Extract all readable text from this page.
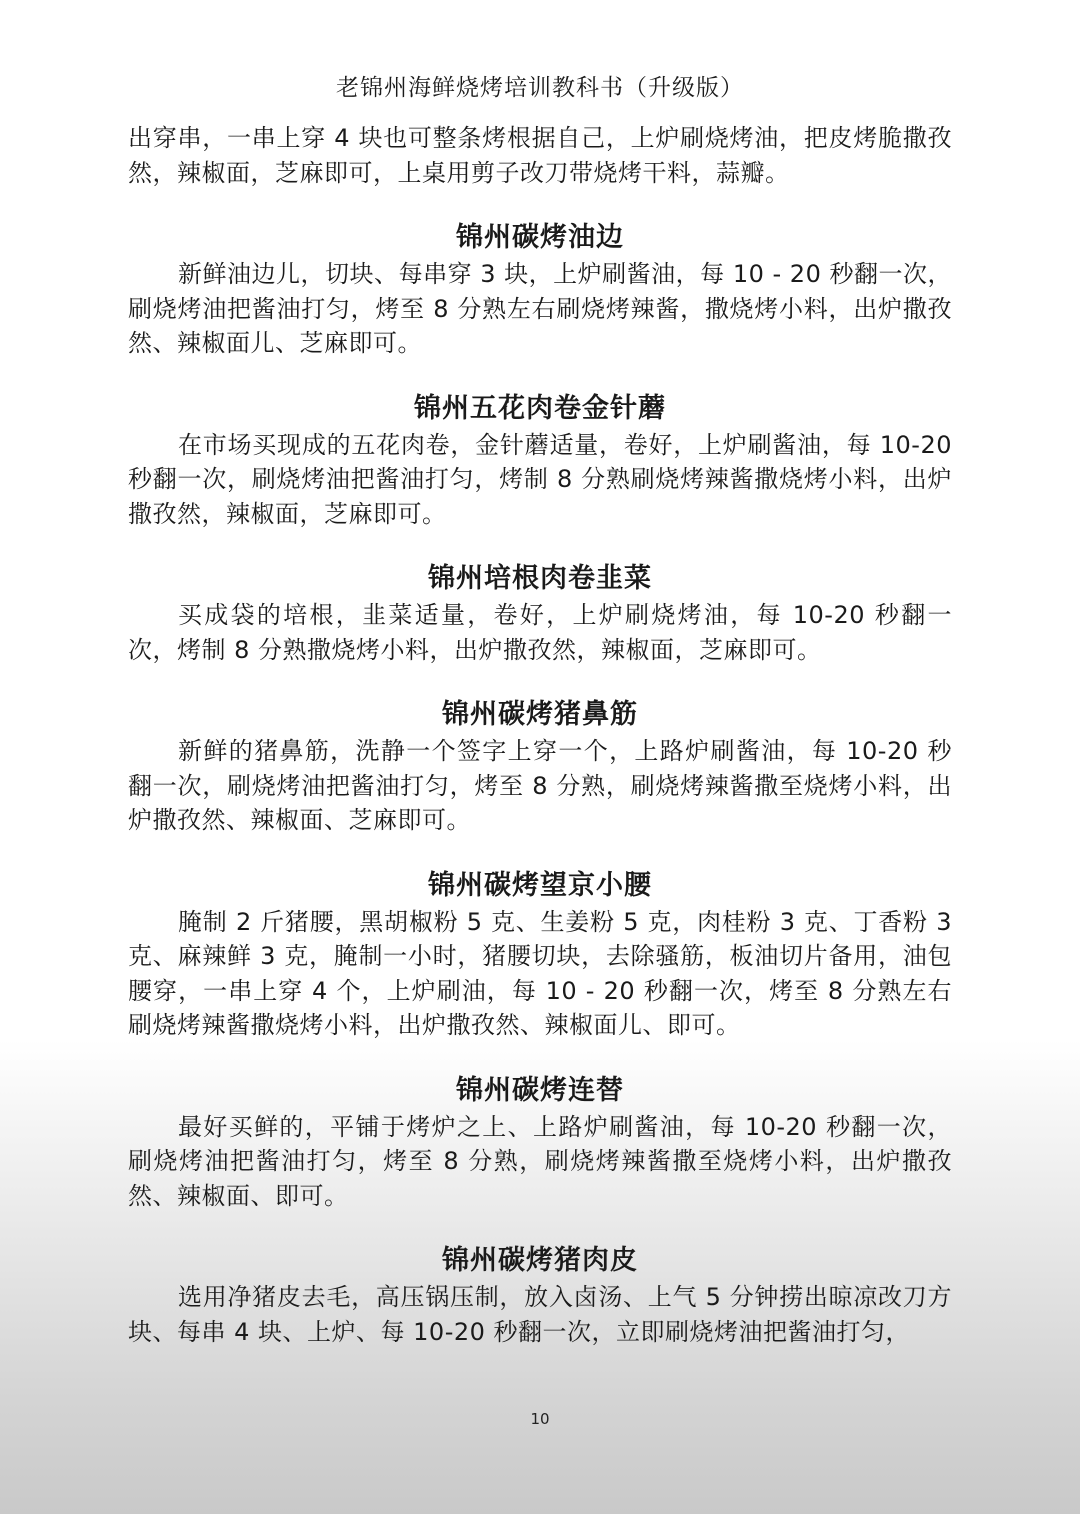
老锦州海鲜烧烤培训教科书（升级版）

出穿串，一串上穿 4 块也可整条烤根据自己，上炉刷烧烤油，把皮烤脆撒孜然，辣椒面，芝麻即可，上桌用剪子改刀带烧烤干料，蒜瓣。

锦州碳烤油边

新鲜油边儿，切块、每串穿 3 块，上炉刷酱油，每 10 - 20 秒翻一次，刷烧烤油把酱油打匀，烤至 8 分熟左右刷烧烤辣酱，撒烧烤小料，出炉撒孜然、辣椒面儿、芝麻即可。

锦州五花肉卷金针蘑

在市场买现成的五花肉卷，金针蘑适量，卷好，上炉刷酱油，每 10-20 秒翻一次，刷烧烤油把酱油打匀，烤制 8 分熟刷烧烤辣酱撒烧烤小料，出炉撒孜然，辣椒面，芝麻即可。

锦州培根肉卷韭菜

买成袋的培根，韭菜适量，卷好，上炉刷烧烤油，每 10-20 秒翻一次，烤制 8 分熟撒烧烤小料，出炉撒孜然，辣椒面，芝麻即可。

锦州碳烤猪鼻筋

新鲜的猪鼻筋，洗静一个签字上穿一个，上路炉刷酱油，每 10-20 秒翻一次，刷烧烤油把酱油打匀，烤至 8 分熟，刷烧烤辣酱撒至烧烤小料，出炉撒孜然、辣椒面、芝麻即可。

锦州碳烤望京小腰

腌制 2 斤猪腰，黑胡椒粉 5 克、生姜粉 5 克，肉桂粉 3 克、丁香粉 3 克、麻辣鲜 3 克，腌制一小时，猪腰切块，去除骚筋，板油切片备用，油包腰穿，一串上穿 4 个，上炉刷油，每 10 - 20 秒翻一次，烤至 8 分熟左右刷烧烤辣酱撒烧烤小料，出炉撒孜然、辣椒面儿、即可。

锦州碳烤连替

最好买鲜的，平铺于烤炉之上、上路炉刷酱油，每 10-20 秒翻一次，刷烧烤油把酱油打匀，烤至 8 分熟，刷烧烤辣酱撒至烧烤小料，出炉撒孜然、辣椒面、即可。

锦州碳烤猪肉皮

选用净猪皮去毛，高压锅压制，放入卤汤、上气 5 分钟捞出晾凉改刀方块、每串 4 块、上炉、每 10-20 秒翻一次，立即刷烧烤油把酱油打匀，

10
